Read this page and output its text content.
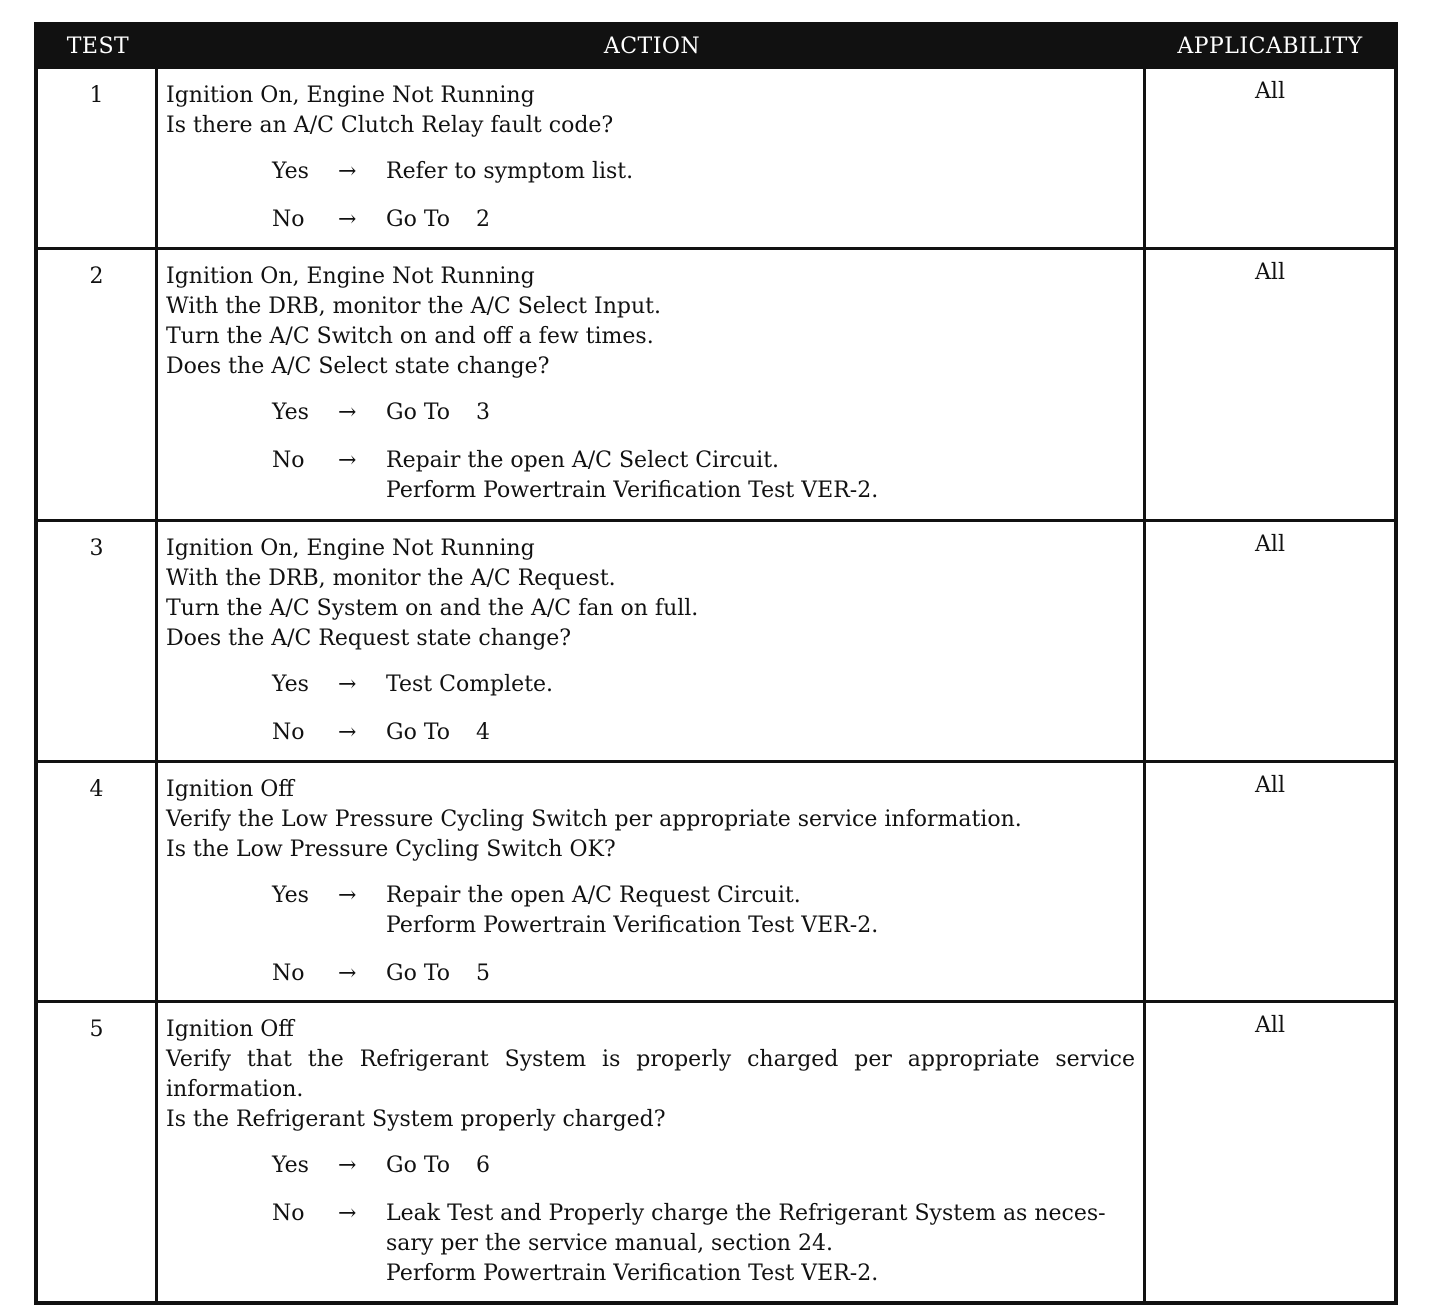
TEST	ACTION	APPLICABILITY
1	Ignition On, Engine Not Running
Is there an A/C Clutch Relay fault code?
Yes	→	Refer to symptom list.
No	→	Go To 2
All
2	Ignition On, Engine Not Running
With the DRB, monitor the A/C Select Input.
Turn the A/C Switch on and off a few times.
Does the A/C Select state change?
Yes	→	Go To 3
No	→	Repair the open A/C Select Circuit.
Perform Powertrain Verification Test VER-2.
All
3	Ignition On, Engine Not Running
With the DRB, monitor the A/C Request.
Turn the A/C System on and the A/C fan on full.
Does the A/C Request state change?
Yes	→	Test Complete.
No	→	Go To 4
All
4	Ignition Off
Verify the Low Pressure Cycling Switch per appropriate service information.
Is the Low Pressure Cycling Switch OK?
Yes	→	Repair the open A/C Request Circuit.
Perform Powertrain Verification Test VER-2.
No	→	Go To 5
All
5	Ignition Off
Verify that the Refrigerant System is properly charged per appropriate service information.
Is the Refrigerant System properly charged?
Yes	→	Go To 6
No	→	Leak Test and Properly charge the Refrigerant System as neces-
sary per the service manual, section 24.
Perform Powertrain Verification Test VER-2.
All
